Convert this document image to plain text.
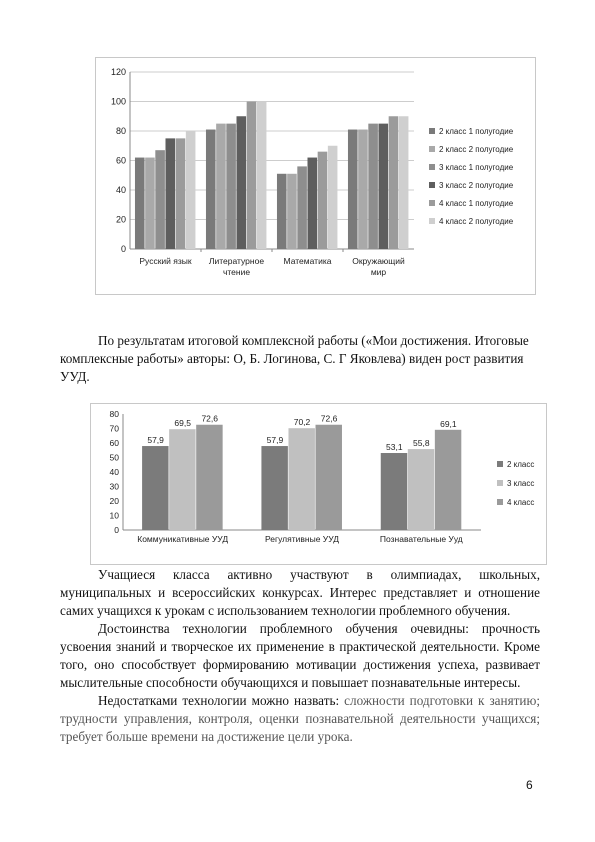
0
20
40
60
80
100
120
Русский язык Литературное
чтение
Математика Окружающий
мир
2 класс 1 полугодие
2 класс 2 полугодие
3 класс 1 полугодие
3 класс 2 полугодие
4 класс 1 полугодие
4 класс 2 полугодие

По результатам итоговой комплексной работы («Мои достижения. Итоговые комплексные работы» авторы: О, Б. Логинова, С. Г Яковлева) виден рост развития УУД.

0
10
20
30
40
50
60
70
80
57,9
69,5 72,6
Коммуникативные УУД
57,9
70,2 72,6
Регулятивные УУД
53,1 55,8
69,1
Познавательные Ууд
2 класс
3 класс
4 класс

Учащиеся класса активно участвуют в олимпиадах, школьных, муниципальных и всероссийских конкурсах. Интерес представляет и отношение самих учащихся к урокам с использованием технологии проблемного обучения.

Достоинства технологии проблемного обучения очевидны: прочность усвоения знаний и творческое их применение в практической деятельности. Кроме того, оно способствует формированию мотивации достижения успеха, развивает мыслительные способности обучающихся и повышает познавательные интересы.

Недостатками технологии можно назвать: сложности подготовки к занятию; трудности управления, контроля, оценки познавательной деятельности учащихся; требует больше времени на достижение цели урока.

6
